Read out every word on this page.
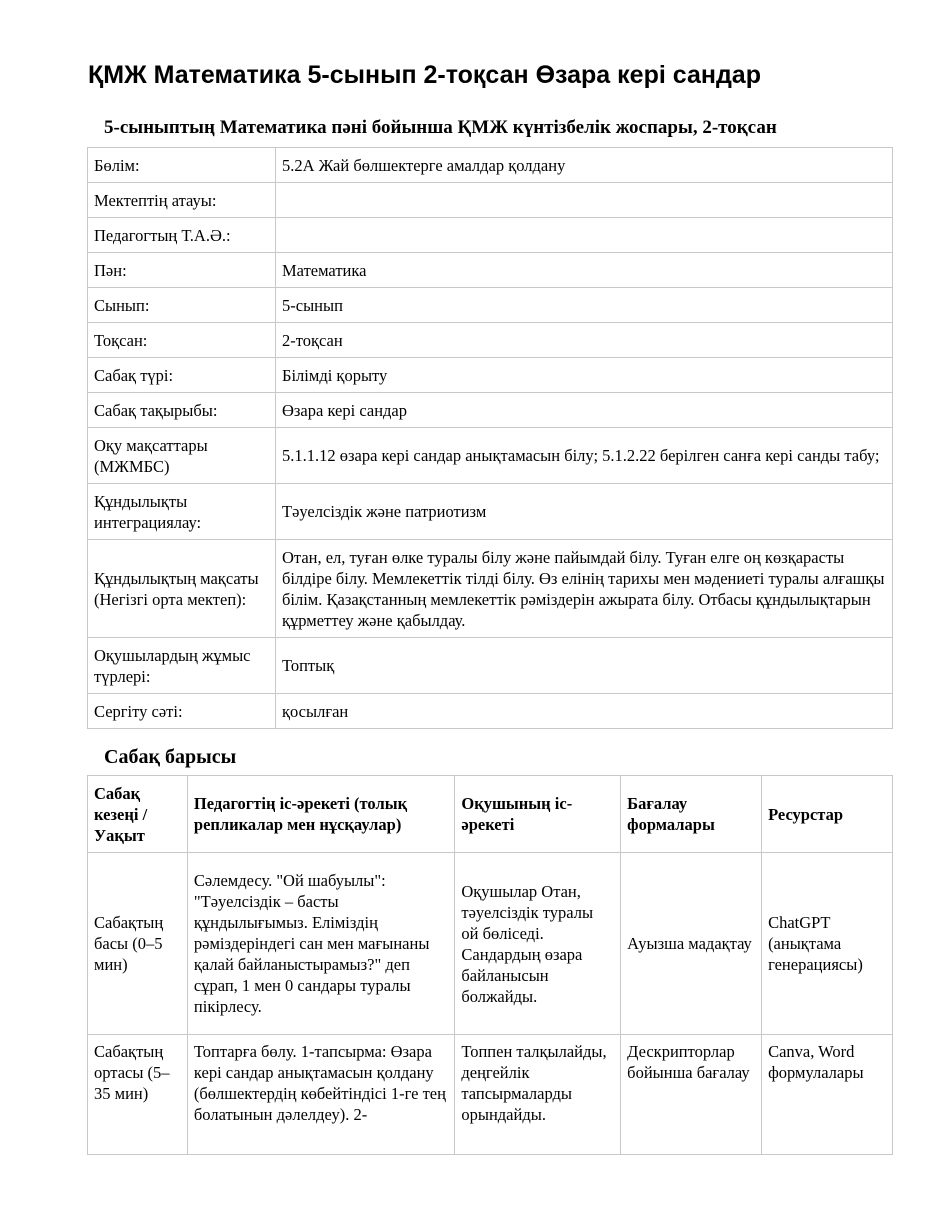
ҚМЖ Математика 5-сынып 2-тоқсан Өзара кері сандар
5-сыныптың Математика пәні бойынша ҚМЖ күнтізбелік жоспары, 2-тоқсан
Бөлім:	5.2А Жай бөлшектерге амалдар қолдану
Мектептің атауы:	
Педагогтың Т.А.Ә.:	
Пән:	Математика
Сынып:	5-сынып
Тоқсан:	2-тоқсан
Сабақ түрі:	Білімді қорыту
Сабақ тақырыбы:	Өзара кері сандар
Оқу мақсаттары (МЖМБС)	5.1.1.12 өзара кері сандар анықтамасын білу; 5.1.2.22 берілген санға кері санды табу;
Құндылықты интеграциялау:	Тәуелсіздік және патриотизм
Құндылықтың мақсаты (Негізгі орта мектеп):	Отан, ел, туған өлке туралы білу және пайымдай білу. Туған елге оң көзқарасты білдіре білу. Мемлекеттік тілді білу. Өз елінің тарихы мен мәдениеті туралы алғашқы білім. Қазақстанның мемлекеттік рәміздерін ажырата білу. Отбасы құндылықтарын құрметтеу және қабылдау.
Оқушылардың жұмыс түрлері:	Топтық
Сергіту сәті:	қосылған
Сабақ барысы
Сабақ кезеңі / Уақыт	Педагогтің іс-әрекеті (толық репликалар мен нұсқаулар)	Оқушының іс-әрекеті	Бағалау формалары	Ресурстар
Сабақтың басы (0–5 мин)	Сәлемдесу. "Ой шабуылы": "Тәуелсіздік – басты құндылығымыз. Еліміздің рәміздеріндегі сан мен мағынаны қалай байланыстырамыз?" деп сұрап, 1 мен 0 сандары туралы пікірлесу.	Оқушылар Отан, тәуелсіздік туралы ой бөліседі. Сандардың өзара байланысын болжайды.	Ауызша мадақтау	ChatGPT (анықтама генерациясы)
Сабақтың ортасы (5–35 мин)	Топтарға бөлу. 1-тапсырма: Өзара кері сандар анықтамасын қолдану (бөлшектердің көбейтіндісі 1-ге тең болатынын дәлелдеу). 2-	Топпен талқылайды, деңгейлік тапсырмаларды орындайды.	Дескрипторлар бойынша бағалау	Canva, Word формулалары
